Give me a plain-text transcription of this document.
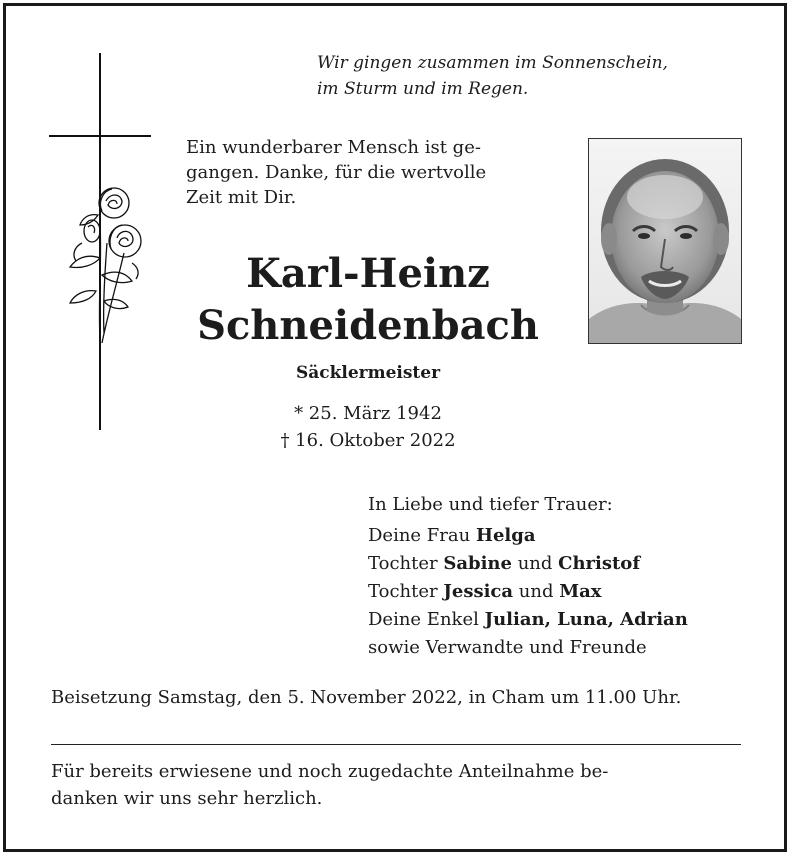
Wir gingen zusammen im Sonnenschein,
im Sturm und im Regen.
Ein wunderbarer Mensch ist ge-
gangen. Danke, für die wertvolle
Zeit mit Dir.
Karl-Heinz
Schneidenbach
Säcklermeister
* 25. März 1942
† 16. Oktober 2022
In Liebe und tiefer Trauer:
Deine Frau Helga
Tochter Sabine und Christof
Tochter Jessica und Max
Deine Enkel Julian, Luna, Adrian
sowie Verwandte und Freunde
Beisetzung Samstag, den 5. November 2022, in Cham um 11.00 Uhr.
Für bereits erwiesene und noch zugedachte Anteilnahme be-
danken wir uns sehr herzlich.
